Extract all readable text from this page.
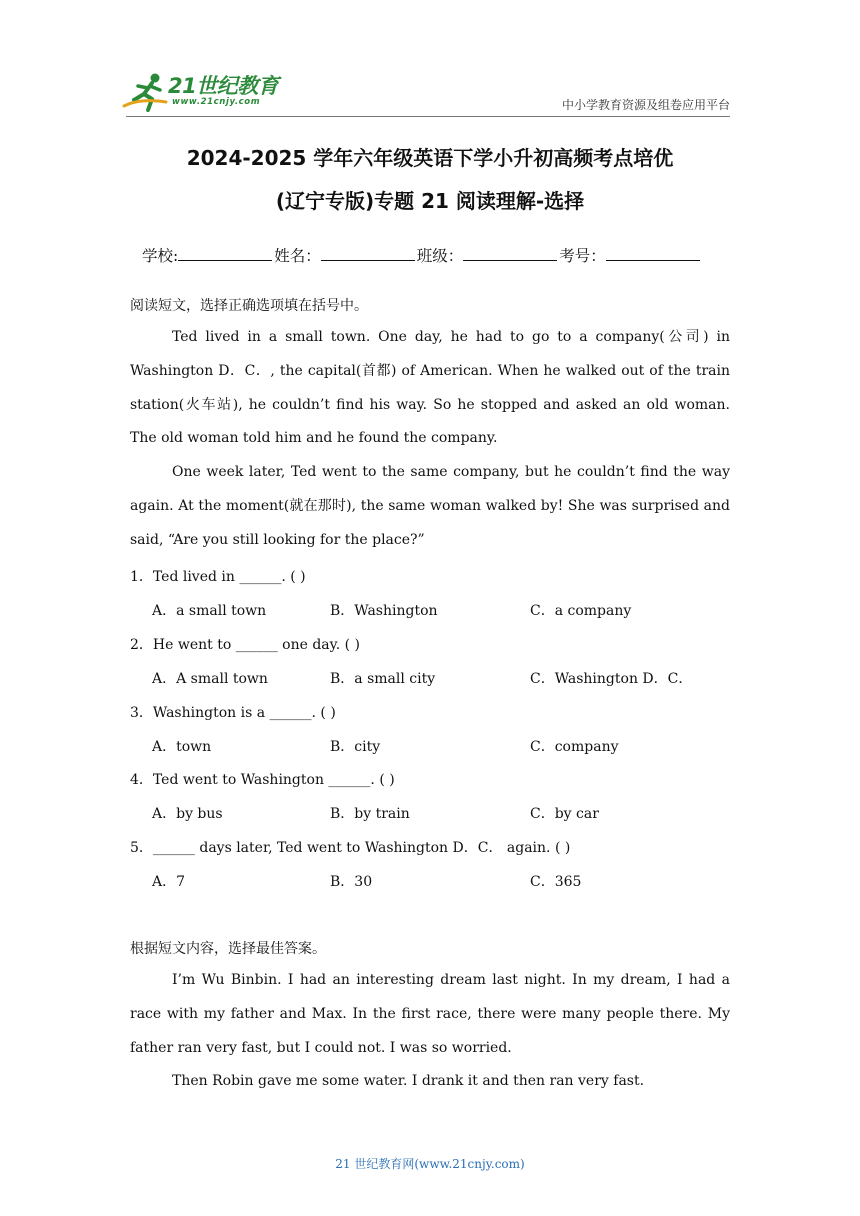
21世纪教育
www.21cnjy.com	中小学教育资源及组卷应用平台
2024-2025 学年六年级英语下学小升初高频考点培优
(辽宁专版)专题 21 阅读理解-选择
学校:	姓名：	班级：	考号：
阅读短文，选择正确选项填在括号中。

Ted lived in a small town. One day, he had to go to a company(公司) in Washington D．C．, the capital(首都) of American. When he walked out of the train station(火车站), he couldn’t find his way. So he stopped and asked an old woman. The old woman told him and he found the company.

One week later, Ted went to the same company, but he couldn’t find the way again. At the moment(就在那时), the same woman walked by! She was surprised and said, “Are you still looking for the place?”

1．Ted lived in ______. ( )
A．a small town	B．Washington	C．a company
2．He went to ______ one day. ( )
A．A small town	B．a small city	C．Washington D．C．
3．Washington is a ______. ( )
A．town	B．city	C．company
4．Ted went to Washington ______. ( )
A．by bus	B．by train	C．by car
5．______ days later, Ted went to Washington D．C． again. ( )
A．7	B．30	C．365
根据短文内容，选择最佳答案。

I’m Wu Binbin. I had an interesting dream last night. In my dream, I had a race with my father and Max. In the first race, there were many people there. My father ran very fast, but I could not. I was so worried.

Then Robin gave me some water. I drank it and then ran very fast.

21 世纪教育网(www.21cnjy.com)
